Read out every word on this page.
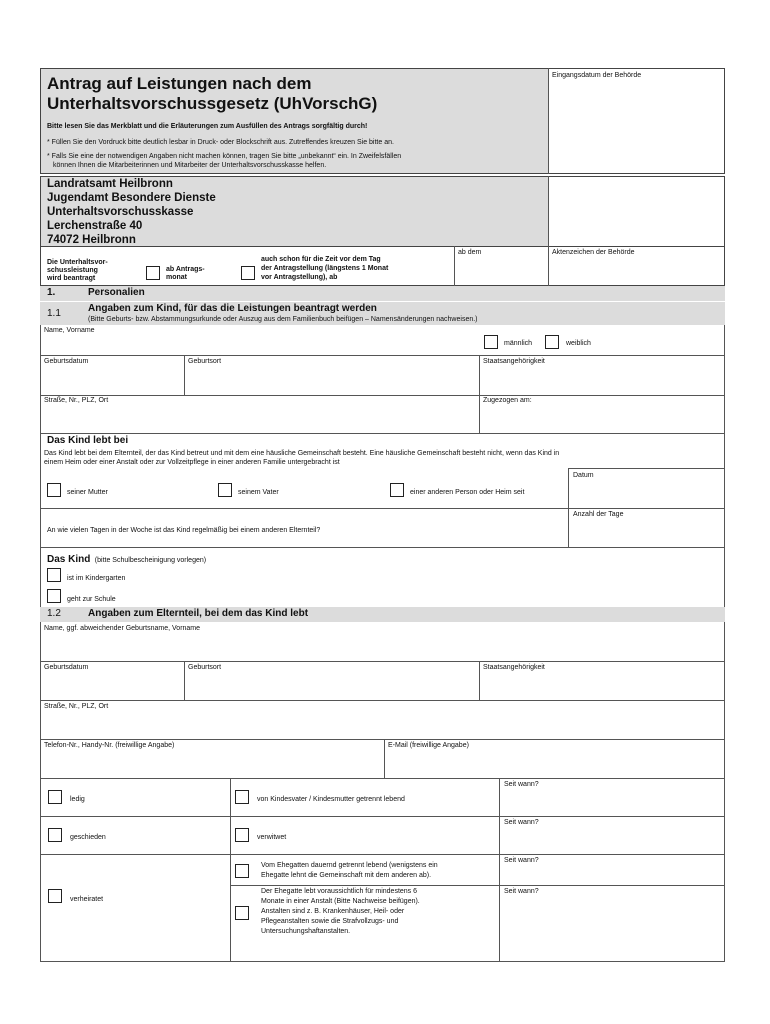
Antrag auf Leistungen nach dem
Unterhaltsvorschussgesetz (UhVorschG)
Bitte lesen Sie das Merkblatt und die Erläuterungen zum Ausfüllen des Antrags sorgfältig durch!
* Füllen Sie den Vordruck bitte deutlich lesbar in Druck- oder Blockschrift aus. Zutreffendes kreuzen Sie bitte an.
* Falls Sie eine der notwendigen Angaben nicht machen können, tragen Sie bitte „unbekannt“ ein. In Zweifelsfällen
können Ihnen die Mitarbeiterinnen und Mitarbeiter der Unterhaltsvorschusskasse helfen.
Eingangsdatum der Behörde
Landratsamt Heilbronn
Jugendamt Besondere Dienste
Unterhaltsvorschusskasse
Lerchenstraße 40
74072 Heilbronn
Die Unterhaltsvor-
schussleistung
wird beantragt
ab Antrags-
monat
auch schon für die Zeit vor dem Tag
der Antragstellung (längstens 1 Monat
vor Antragstellung), ab
ab dem	Aktenzeichen der Behörde
1.	Personalien
1.1	Angaben zum Kind, für das die Leistungen beantragt werden
(Bitte Geburts- bzw. Abstammungsurkunde oder Auszug aus dem Familienbuch beifügen – Namensänderungen nachweisen.)
Name, Vorname
männlich	weiblich
Geburtsdatum	Geburtsort	Staatsangehörigkeit
Straße, Nr., PLZ, Ort	Zugezogen am:
Das Kind lebt bei
Das Kind lebt bei dem Elternteil, der das Kind betreut und mit dem eine häusliche Gemeinschaft besteht. Eine häusliche Gemeinschaft besteht nicht, wenn das Kind in
einem Heim oder einer Anstalt oder zur Vollzeitpflege in einer anderen Familie untergebracht ist
Datum
seiner Mutter	seinem Vater	einer anderen Person oder Heim seit
An wie vielen Tagen in der Woche ist das Kind regelmäßig bei einem anderen Elternteil?
Anzahl der Tage
Das Kind (bitte Schulbescheinigung vorlegen)
ist im Kindergarten
geht zur Schule
1.2	Angaben zum Elternteil, bei dem das Kind lebt
Name, ggf. abweichender Geburtsname, Vorname
Geburtsdatum	Geburtsort	Staatsangehörigkeit
Straße, Nr., PLZ, Ort
Telefon-Nr., Handy-Nr. (freiwillige Angabe)	E-Mail (freiwillige Angabe)
ledig	von Kindesvater / Kindesmutter getrennt lebend
Seit wann?
geschieden	verwitwet
Seit wann?
verheiratet
Vom Ehegatten dauernd getrennt lebend (wenigstens ein
Ehegatte lehnt die Gemeinschaft mit dem anderen ab).
Seit wann?
Der Ehegatte lebt voraussichtlich für mindestens 6
Monate in einer Anstalt (Bitte Nachweise beifügen).
Anstalten sind z. B. Krankenhäuser, Heil- oder
Pflegeanstalten sowie die Strafvollzugs- und
Untersuchungshaftanstalten.
Seit wann?
